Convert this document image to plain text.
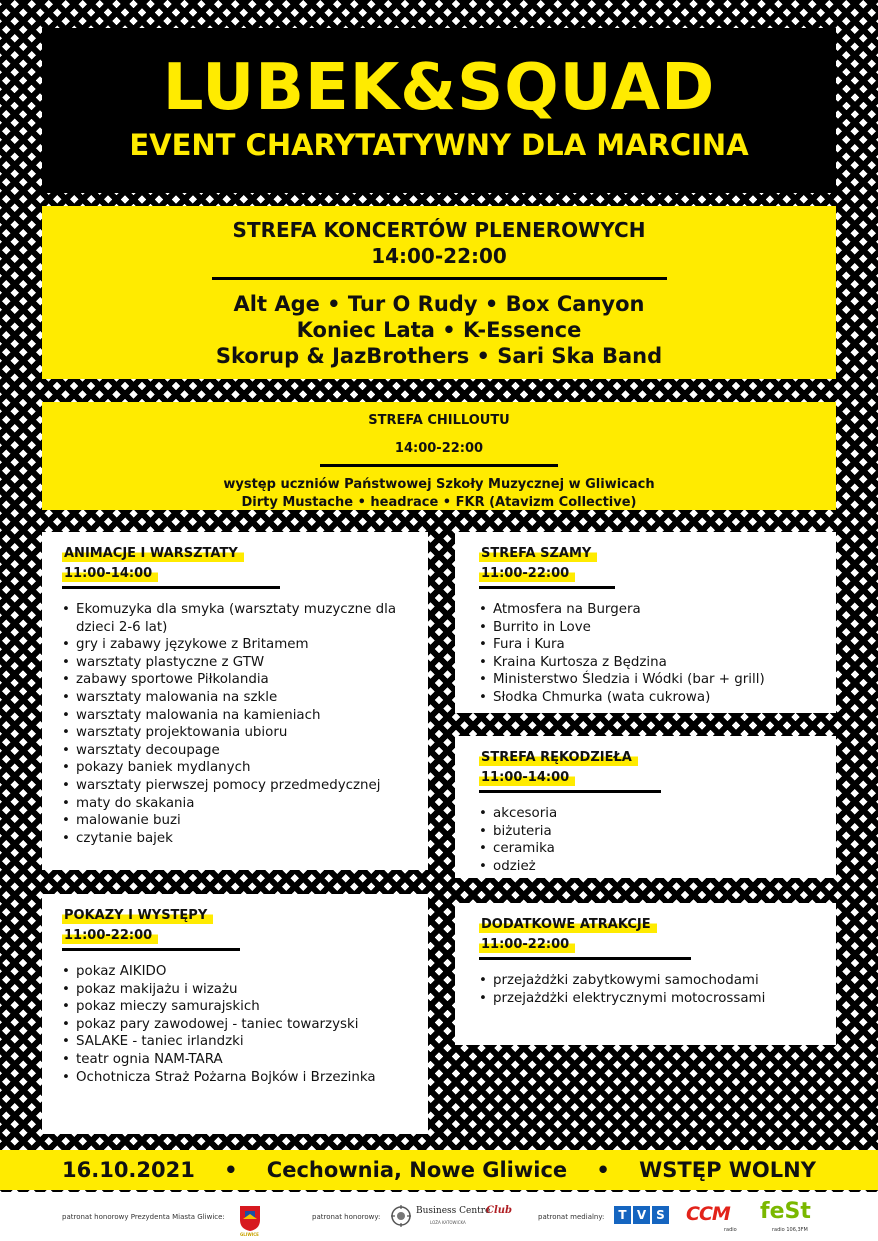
LUBEK&SQUAD
EVENT CHARYTATYWNY DLA MARCINA
STREFA KONCERTÓW PLENEROWYCH
14:00-22:00
Alt Age • Tur O Rudy • Box Canyon
Koniec Lata • K-Essence
Skorup & JazBrothers • Sari Ska Band
STREFA CHILLOUTU
14:00-22:00
występ uczniów Państwowej Szkoły Muzycznej w Gliwicach
Dirty Mustache • headrace • FKR (Atavizm Collective)
ANIMACJE I WARSZTATY
11:00-14:00
• Ekomuzyka dla smyka (warsztaty muzyczne dla dzieci 2-6 lat)
• gry i zabawy językowe z Britamem
• warsztaty plastyczne z GTW
• zabawy sportowe Piłkolandia
• warsztaty malowania na szkle
• warsztaty malowania na kamieniach
• warsztaty projektowania ubioru
• warsztaty decoupage
• pokazy baniek mydlanych
• warsztaty pierwszej pomocy przedmedycznej
• maty do skakania
• malowanie buzi
• czytanie bajek
STREFA SZAMY
11:00-22:00
• Atmosfera na Burgera
• Burrito in Love
• Fura i Kura
• Kraina Kurtosza z Będzina
• Ministerstwo Śledzia i Wódki (bar + grill)
• Słodka Chmurka (wata cukrowa)
STREFA RĘKODZIEŁA
11:00-14:00
• akcesoria
• biżuteria
• ceramika
• odzież
POKAZY I WYSTĘPY
11:00-22:00
• pokaz AIKIDO
• pokaz makijażu i wizażu
• pokaz mieczy samurajskich
• pokaz pary zawodowej - taniec towarzyski
• SALAKE - taniec irlandzki
• teatr ognia NAM-TARA
• Ochotnicza Straż Pożarna Bojków i Brzezinka
DODATKOWE ATRAKCJE
11:00-22:00
• przejażdżki zabytkowymi samochodami
• przejażdżki elektrycznymi motocrossami
16.10.2021 • Cechownia, Nowe Gliwice • WSTĘP WOLNY
patronat honorowy Prezydenta Miasta Gliwice:
GLIWICE
patronat honorowy:
Business Centre
Club
LOŻA KATOWICKA
patronat medialny:	T V S CCM
radio
feSt
radio 106,3FM
